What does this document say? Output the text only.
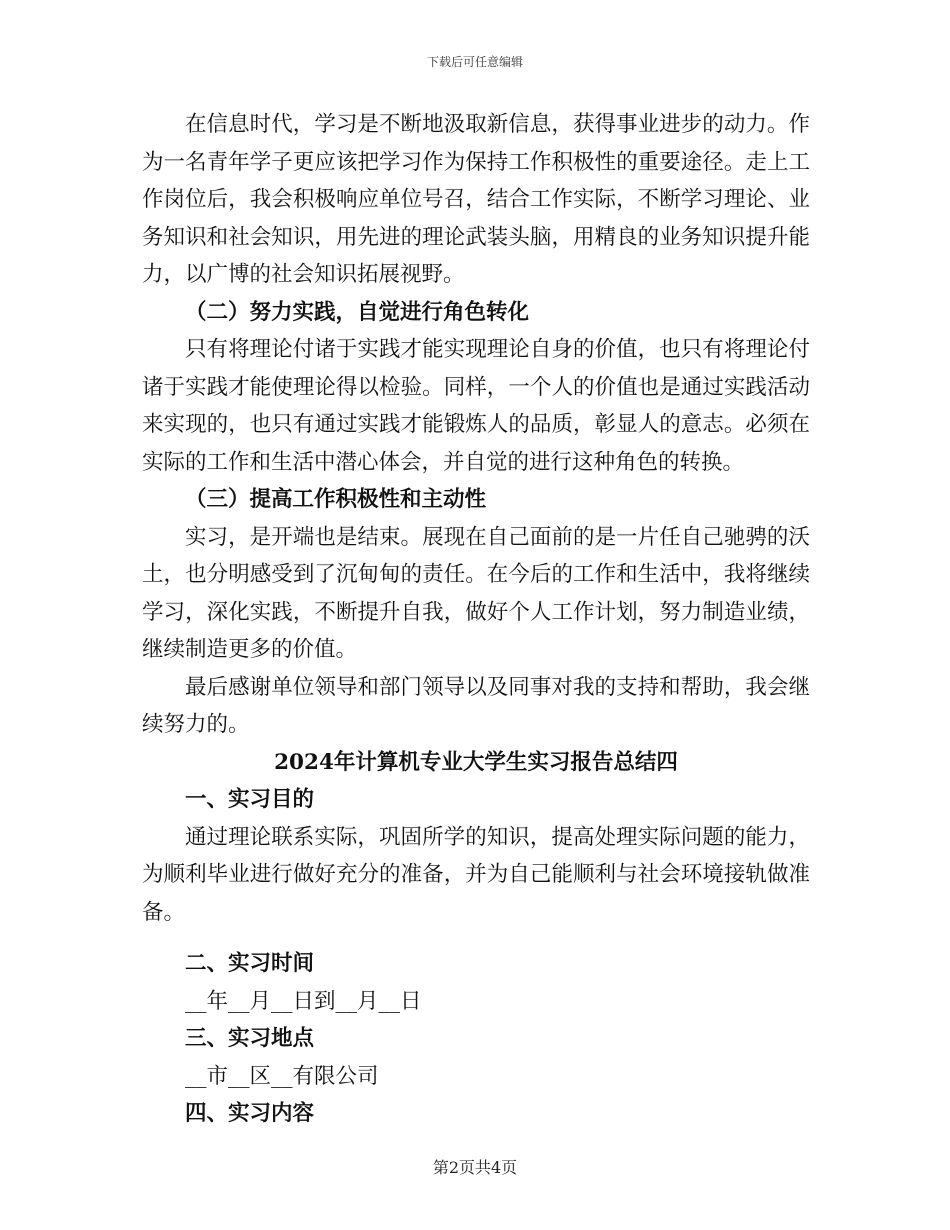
下载后可任意编辑

在信息时代，学习是不断地汲取新信息，获得事业进步的动力。作为一名青年学子更应该把学习作为保持工作积极性的重要途径。走上工作岗位后，我会积极响应单位号召，结合工作实际，不断学习理论、业务知识和社会知识，用先进的理论武装头脑，用精良的业务知识提升能力，以广博的社会知识拓展视野。

（二）努力实践，自觉进行角色转化

只有将理论付诸于实践才能实现理论自身的价值，也只有将理论付诸于实践才能使理论得以检验。同样，一个人的价值也是通过实践活动来实现的，也只有通过实践才能锻炼人的品质，彰显人的意志。必须在实际的工作和生活中潜心体会，并自觉的进行这种角色的转换。

（三）提高工作积极性和主动性

实习，是开端也是结束。展现在自己面前的是一片任自己驰骋的沃土，也分明感受到了沉甸甸的责任。在今后的工作和生活中，我将继续学习，深化实践，不断提升自我，做好个人工作计划，努力制造业绩，继续制造更多的价值。

最后感谢单位领导和部门领导以及同事对我的支持和帮助，我会继续努力的。

2024年计算机专业大学生实习报告总结四

一、实习目的

通过理论联系实际，巩固所学的知识，提高处理实际问题的能力，为顺利毕业进行做好充分的准备，并为自己能顺利与社会环境接轨做准备。

二、实习时间

__年__月__日到__月__日

三、实习地点

__市__区__有限公司

四、实习内容

第2页共4页
